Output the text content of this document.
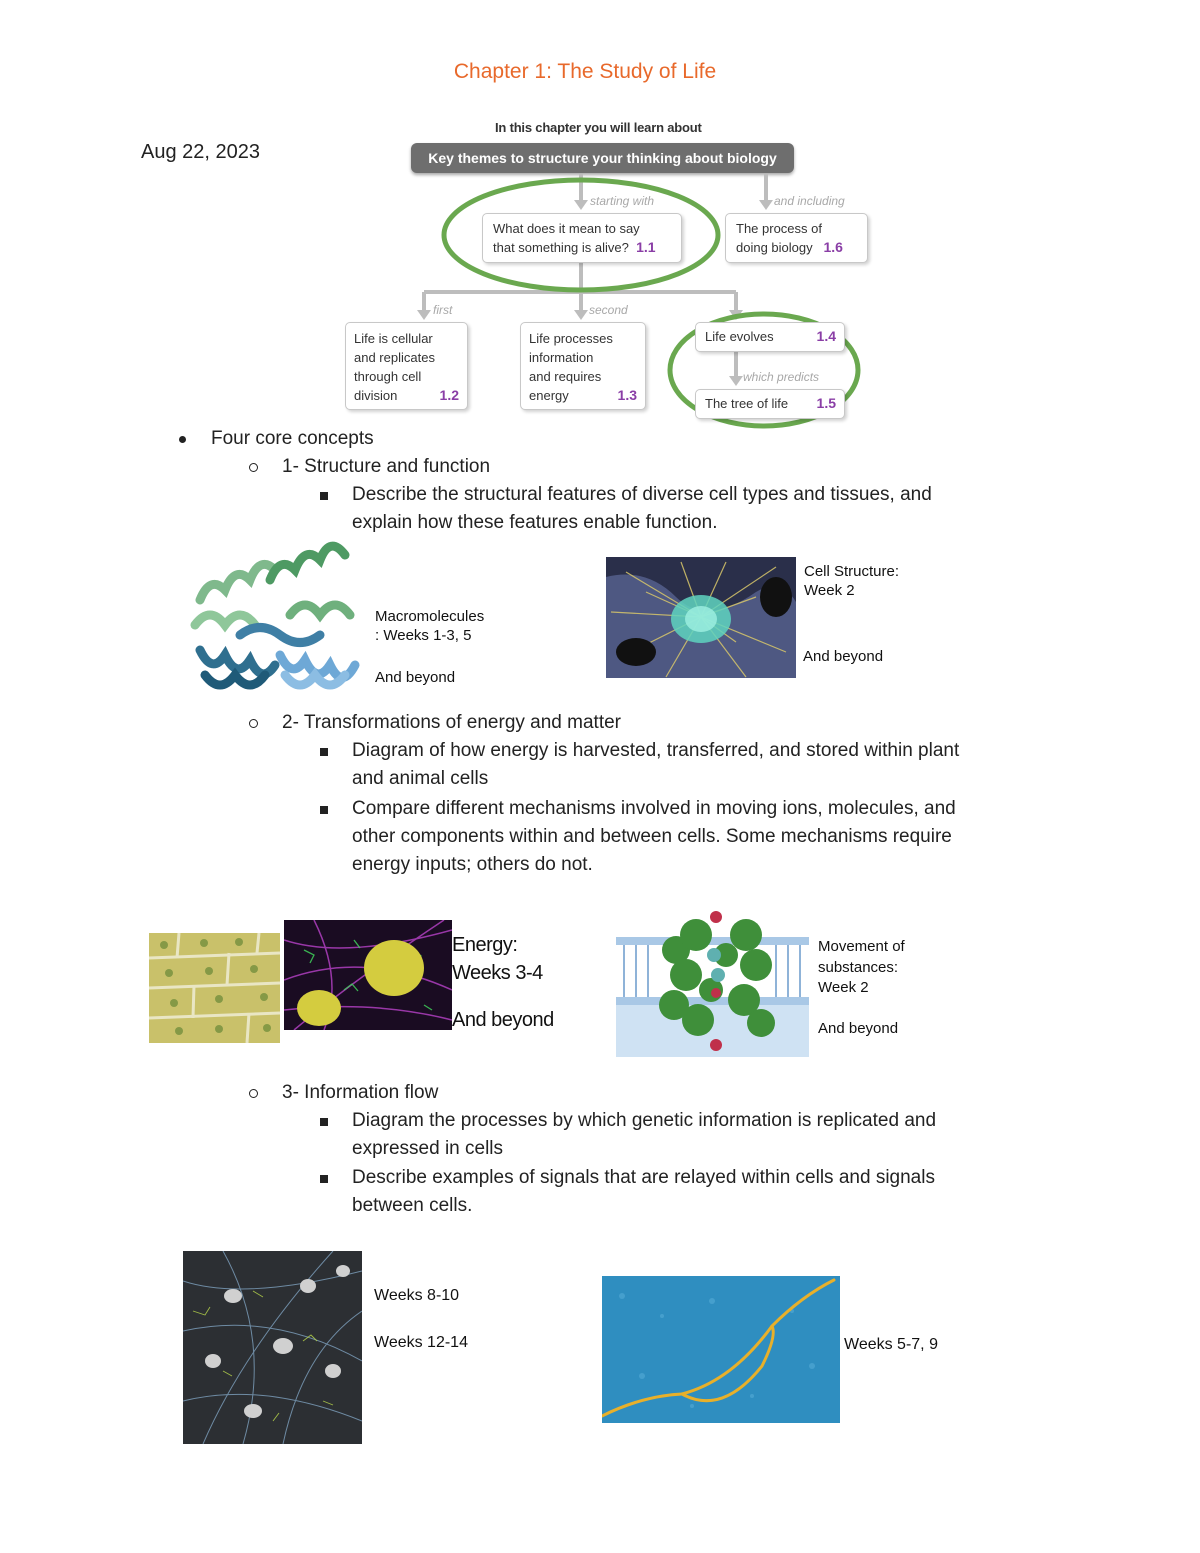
Chapter 1: The Study of Life
Aug 22, 2023
In this chapter you will learn about
Key themes to structure your thinking about biology
starting with	and including
first	second
which predicts
What does it mean to say
that something is alive? 1.1
The process of
doing biology 1.6
Life is cellular
and replicates
through cell
division	1.2
Life processes
information
and requires
energy	1.3
Life evolves	1.4
The tree of life 1.5
Four core concepts
1- Structure and function
Describe the structural features of diverse cell types and tissues, and
explain how these features enable function.
Macromolecules
: Weeks 1-3, 5
And beyond
Cell Structure:
Week 2
And beyond
2- Transformations of energy and matter
Diagram of how energy is harvested, transferred, and stored within plant
and animal cells
Compare different mechanisms involved in moving ions, molecules, and
other components within and between cells. Some mechanisms require
energy inputs; others do not.
Energy:
Weeks 3-4
And beyond
Movement of
substances:
Week 2
And beyond
3- Information flow
Diagram the processes by which genetic information is replicated and
expressed in cells
Describe examples of signals that are relayed within cells and signals
between cells.
Weeks 8-10
Weeks 12-14	Weeks 5-7, 9
